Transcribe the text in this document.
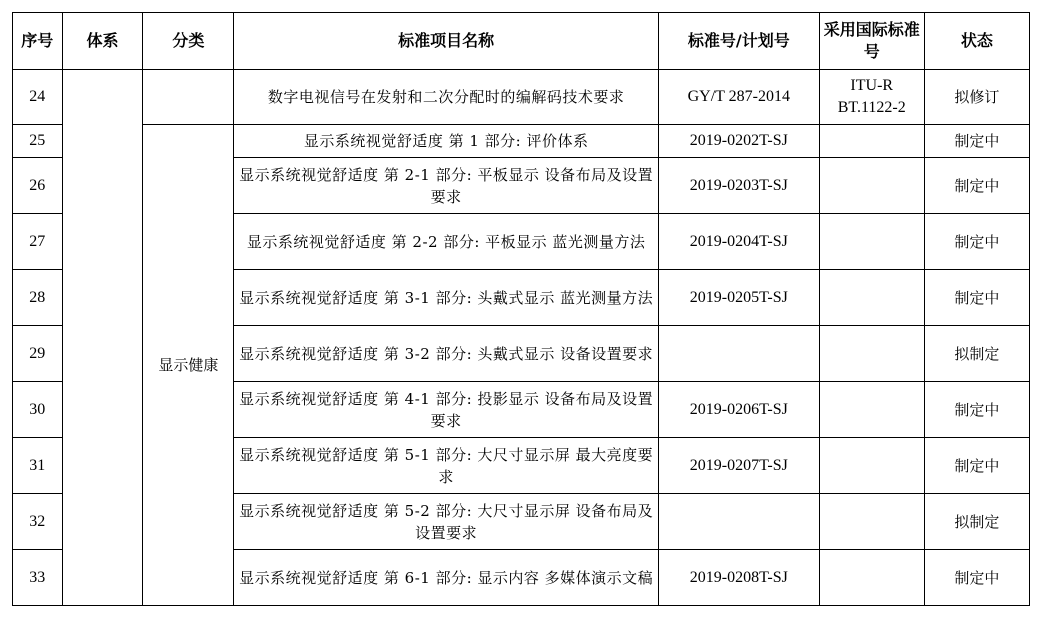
序号	体系	分类	标准项目名称	标准号/计划号	采用国际标准号	状态
24			数字电视信号在发射和二次分配时的编解码技术要求	GY/T 287-2014	ITU-R BT.1122-2	拟修订
25		显示健康	显示系统视觉舒适度 第 1 部分: 评价体系	2019-0202T-SJ		制定中
26			显示系统视觉舒适度 第 2-1 部分: 平板显示 设备布局及设置要求	2019-0203T-SJ		制定中
27			显示系统视觉舒适度 第 2-2 部分: 平板显示 蓝光测量方法	2019-0204T-SJ		制定中
28			显示系统视觉舒适度 第 3-1 部分: 头戴式显示 蓝光测量方法	2019-0205T-SJ		制定中
29			显示系统视觉舒适度 第 3-2 部分: 头戴式显示 设备设置要求			拟制定
30			显示系统视觉舒适度 第 4-1 部分: 投影显示 设备布局及设置要求	2019-0206T-SJ		制定中
31			显示系统视觉舒适度 第 5-1 部分: 大尺寸显示屏 最大亮度要求	2019-0207T-SJ		制定中
32			显示系统视觉舒适度 第 5-2 部分: 大尺寸显示屏 设备布局及设置要求			拟制定
33			显示系统视觉舒适度 第 6-1 部分: 显示内容 多媒体演示文稿	2019-0208T-SJ		制定中
